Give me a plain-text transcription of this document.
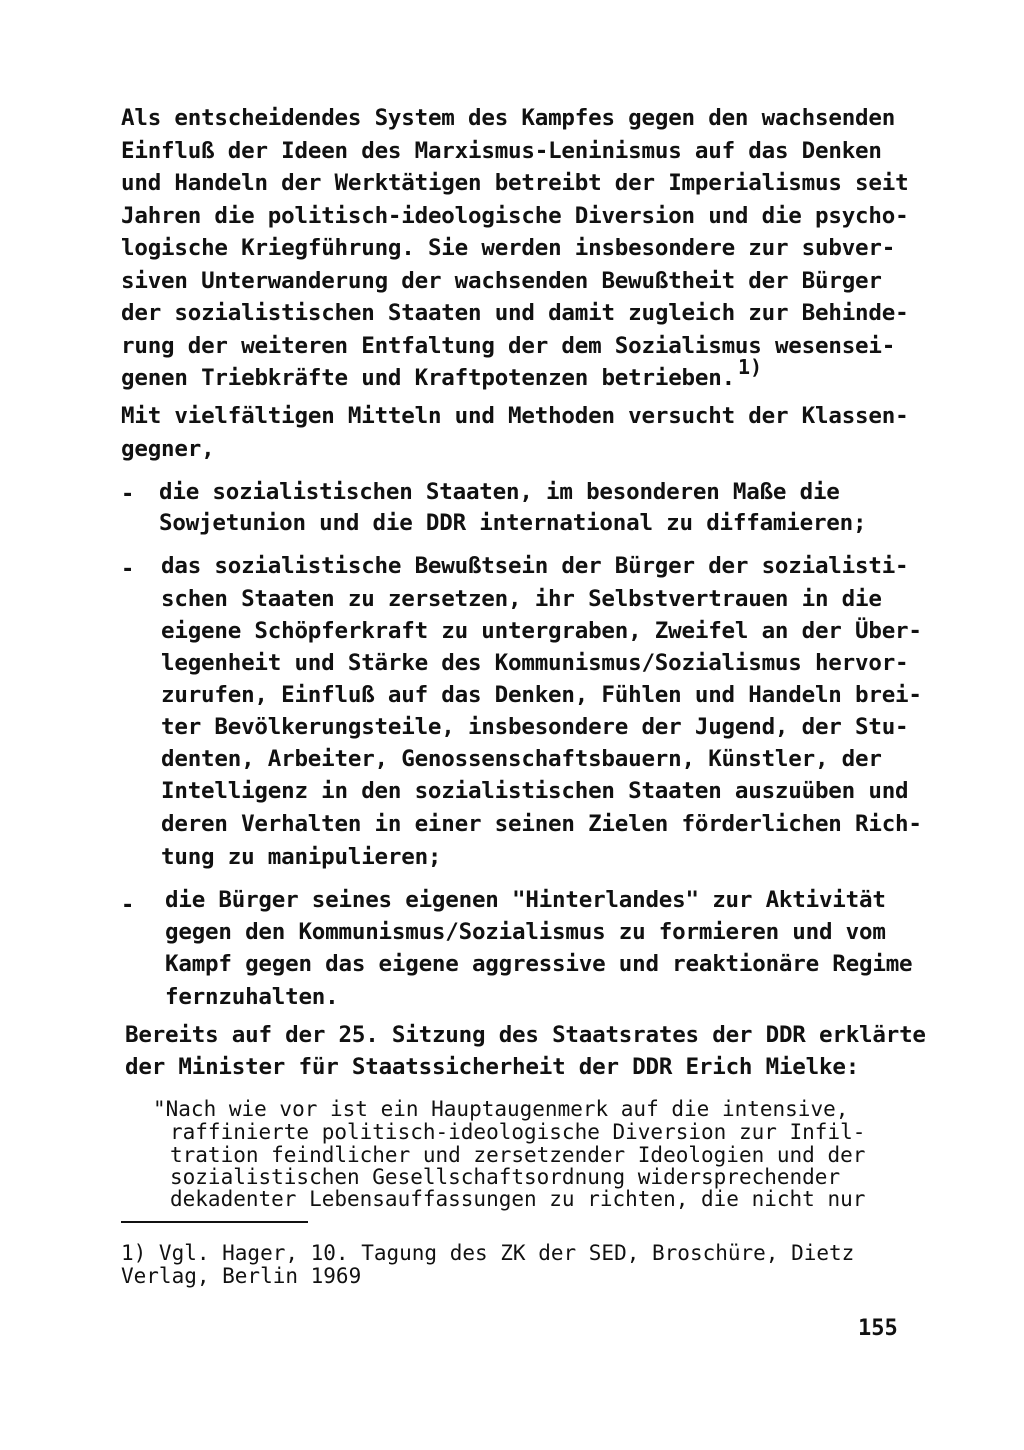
Als entscheidendes System des Kampfes gegen den wachsenden
Einfluß der Ideen des Marxismus-Leninismus auf das Denken
und Handeln der Werktätigen betreibt der Imperialismus seit
Jahren die politisch-ideologische Diversion und die psycho-
logische Kriegführung. Sie werden insbesondere zur subver-
siven Unterwanderung der wachsenden Bewußtheit der Bürger
der sozialistischen Staaten und damit zugleich zur Behinde-
rung der weiteren Entfaltung der dem Sozialismus wesensei-
genen Triebkräfte und Kraftpotenzen betrieben. 1)
Mit vielfältigen Mitteln und Methoden versucht der Klassen-
gegner,
- die sozialistischen Staaten, im besonderen Maße die
Sowjetunion und die DDR international zu diffamieren;
- das sozialistische Bewußtsein der Bürger der sozialisti-
schen Staaten zu zersetzen, ihr Selbstvertrauen in die
eigene Schöpferkraft zu untergraben, Zweifel an der Über-
legenheit und Stärke des Kommunismus/Sozialismus hervor-
zurufen, Einfluß auf das Denken, Fühlen und Handeln brei-
ter Bevölkerungsteile, insbesondere der Jugend, der Stu-
denten, Arbeiter, Genossenschaftsbauern, Künstler, der
Intelligenz in den sozialistischen Staaten auszuüben und
deren Verhalten in einer seinen Zielen förderlichen Rich-
tung zu manipulieren;
- die Bürger seines eigenen "Hinterlandes" zur Aktivität
gegen den Kommunismus/Sozialismus zu formieren und vom
Kampf gegen das eigene aggressive und reaktionäre Regime
fernzuhalten.
Bereits auf der 25. Sitzung des Staatsrates der DDR erklärte
der Minister für Staatssicherheit der DDR Erich Mielke:
"Nach wie vor ist ein Hauptaugenmerk auf die intensive,
raffinierte politisch-ideologische Diversion zur Infil-
tration feindlicher und zersetzender Ideologien und der
sozialistischen Gesellschaftsordnung widersprechender
dekadenter Lebensauffassungen zu richten, die nicht nur
1) Vgl. Hager, 10. Tagung des ZK der SED, Broschüre, Dietz
Verlag, Berlin 1969
155
